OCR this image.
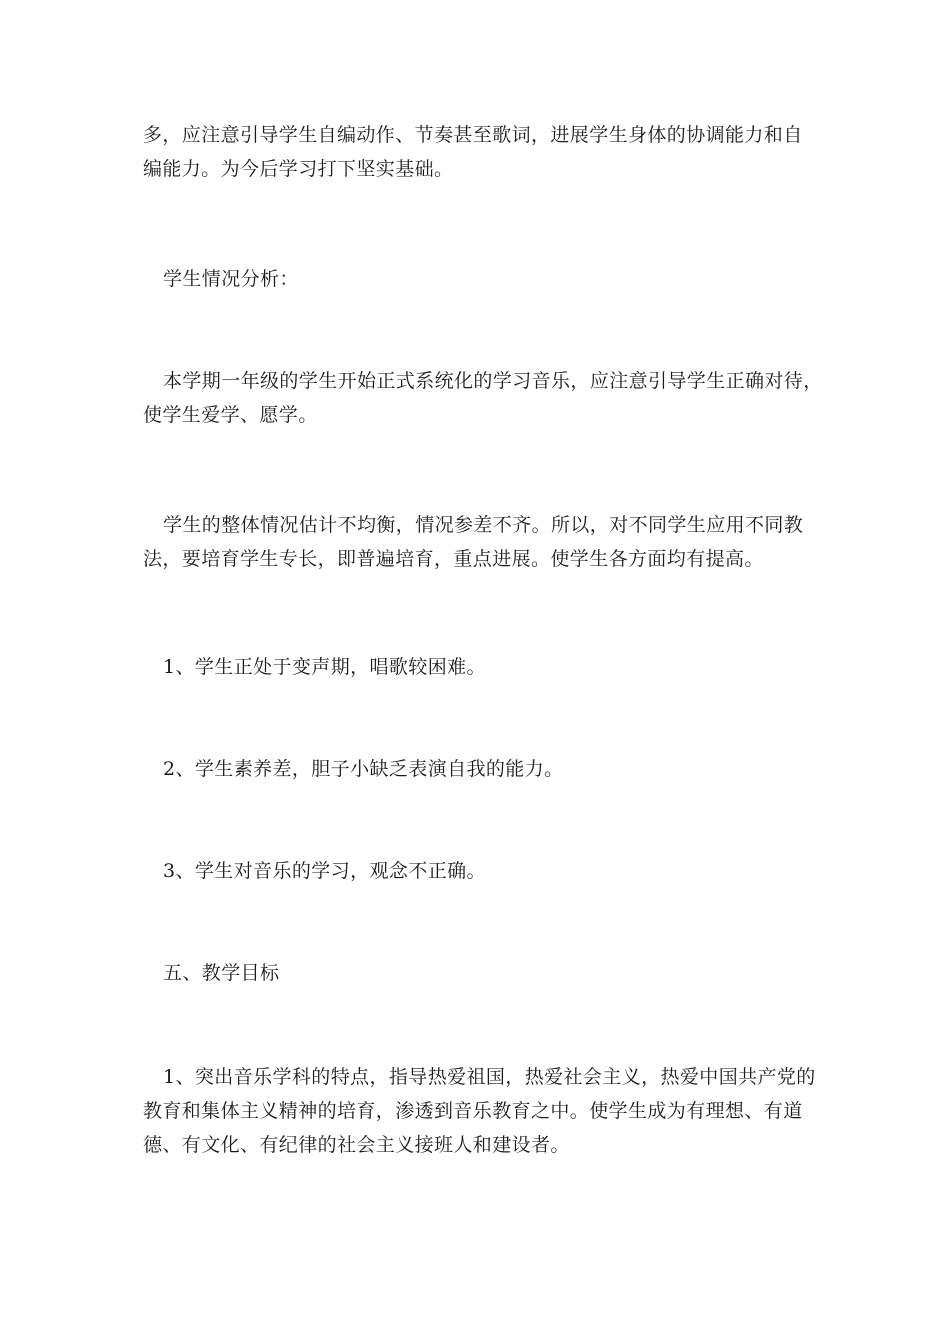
多，应注意引导学生自编动作、节奏甚至歌词，进展学生身体的协调能力和自
编能力。为今后学习打下坚实基础。

学生情况分析：

本学期一年级的学生开始正式系统化的学习音乐，应注意引导学生正确对待，
使学生爱学、愿学。

学生的整体情况估计不均衡，情况参差不齐。所以，对不同学生应用不同教
法，要培育学生专长，即普遍培育，重点进展。使学生各方面均有提高。

1、学生正处于变声期，唱歌较困难。

2、学生素养差，胆子小缺乏表演自我的能力。

3、学生对音乐的学习，观念不正确。

五、教学目标

1、突出音乐学科的特点，指导热爱祖国，热爱社会主义，热爱中国共产党的
教育和集体主义精神的培育，渗透到音乐教育之中。使学生成为有理想、有道
德、有文化、有纪律的社会主义接班人和建设者。
